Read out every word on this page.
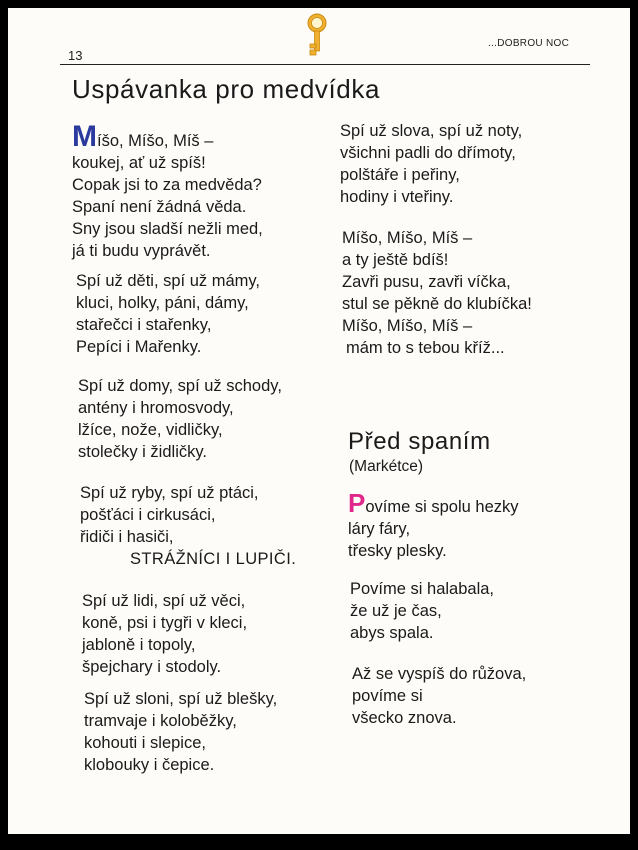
13
...DOBROU NOC
Uspávanka pro medvídka
Míšo, Míšo, Míš –
koukej, ať už spíš!
Copak jsi to za medvěda?
Spaní není žádná věda.
Sny jsou sladší nežli med,
já ti budu vyprávět.
Spí už děti, spí už mámy,
kluci, holky, páni, dámy,
stařečci i stařenky,
Pepíci i Mařenky.
Spí už domy, spí už schody,
antény i hromosvody,
lžíce, nože, vidličky,
stolečky i židličky.
Spí už ryby, spí už ptáci,
pošťáci i cirkusáci,
řidiči i hasiči,
STRÁŽNÍCI I LUPIČI.
Spí už lidi, spí už věci,
koně, psi i tygři v kleci,
jabloně i topoly,
špejchary i stodoly.
Spí už sloni, spí už blešky,
tramvaje i koloběžky,
kohouti i slepice,
klobouky i čepice.
Spí už slova, spí už noty,
všichni padli do dřímoty,
polštáře i peřiny,
hodiny i vteřiny.
Míšo, Míšo, Míš –
a ty ještě bdíš!
Zavři pusu, zavři víčka,
stul se pěkně do klubíčka!
Míšo, Míšo, Míš –
mám to s tebou kříž...
Před spaním
(Markétce)
Povíme si spolu hezky
láry fáry,
třesky plesky.
Povíme si halabala,
že už je čas,
abys spala.
Až se vyspíš do růžova,
povíme si
všecko znova.
